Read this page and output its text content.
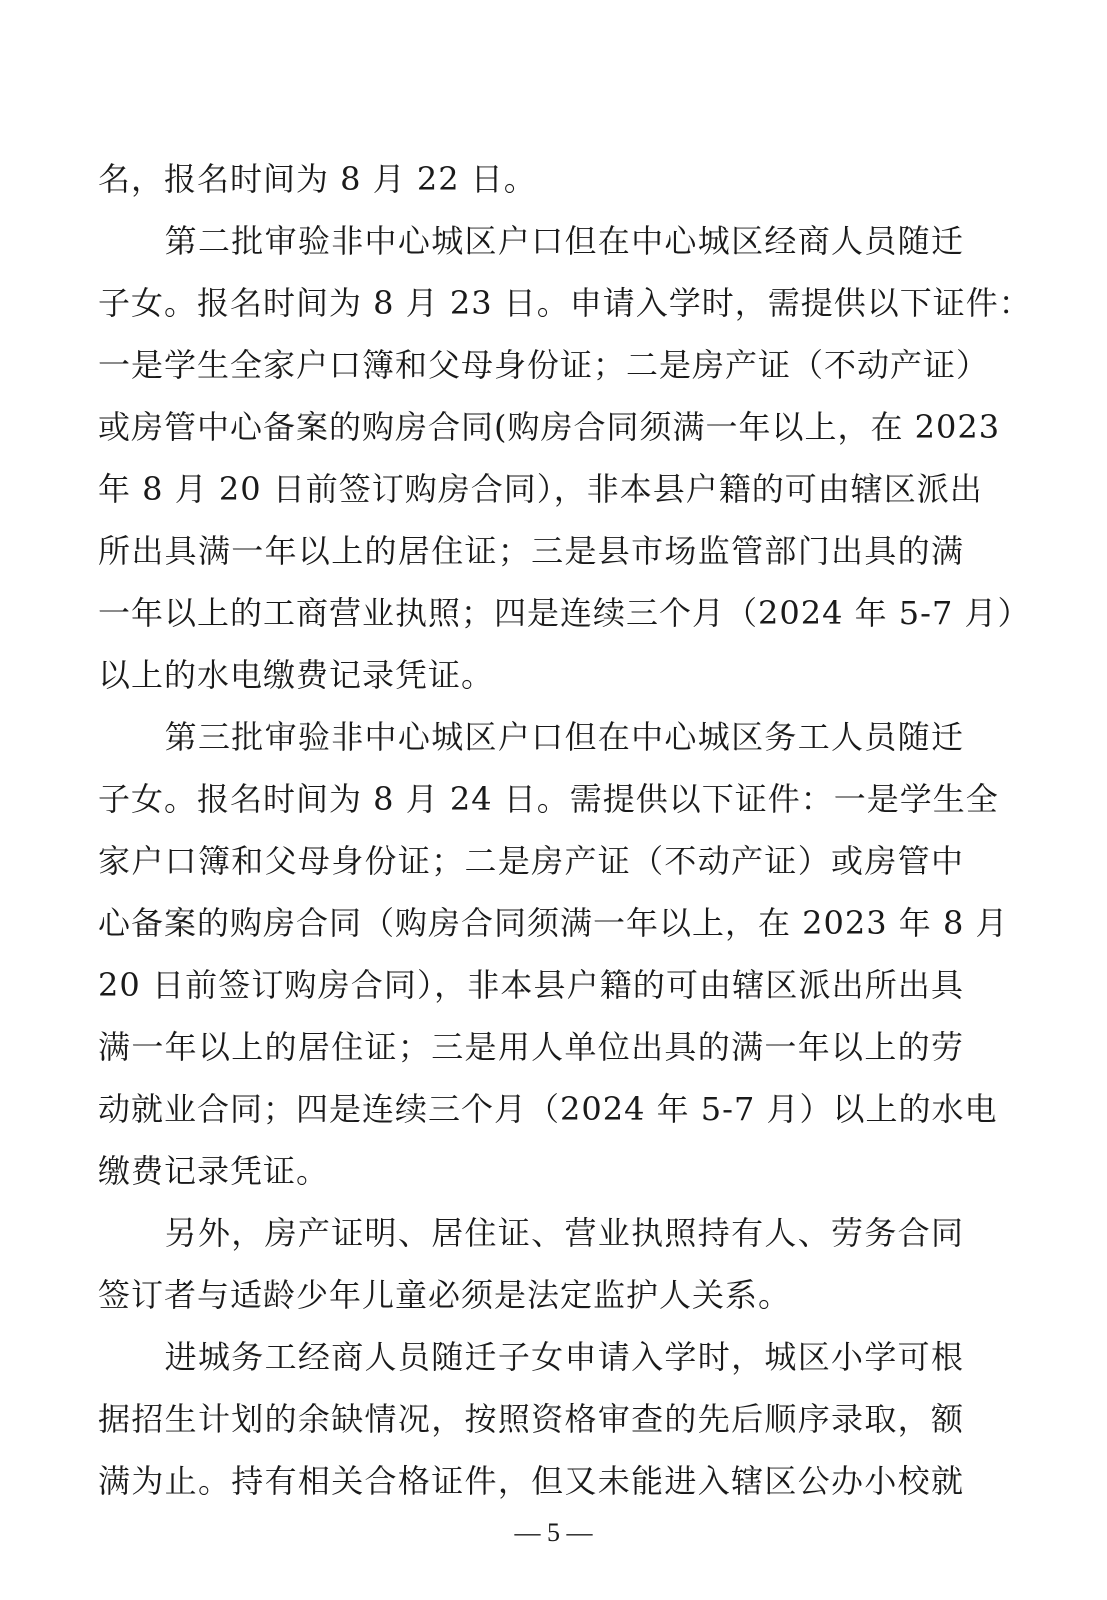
名，报名时间为 8 月 22 日。
　　第二批审验非中心城区户口但在中心城区经商人员随迁
子女。报名时间为 8 月 23 日。申请入学时，需提供以下证件：
一是学生全家户口簿和父母身份证；二是房产证（不动产证）
或房管中心备案的购房合同(购房合同须满一年以上，在 2023
年 8 月 20 日前签订购房合同），非本县户籍的可由辖区派出
所出具满一年以上的居住证；三是县市场监管部门出具的满
一年以上的工商营业执照；四是连续三个月（2024 年 5-7 月）
以上的水电缴费记录凭证。
　　第三批审验非中心城区户口但在中心城区务工人员随迁
子女。报名时间为 8 月 24 日。需提供以下证件：一是学生全
家户口簿和父母身份证；二是房产证（不动产证）或房管中
心备案的购房合同（购房合同须满一年以上，在 2023 年 8 月
20 日前签订购房合同），非本县户籍的可由辖区派出所出具
满一年以上的居住证；三是用人单位出具的满一年以上的劳
动就业合同；四是连续三个月（2024 年 5-7 月）以上的水电
缴费记录凭证。
　　另外，房产证明、居住证、营业执照持有人、劳务合同
签订者与适龄少年儿童必须是法定监护人关系。
　　进城务工经商人员随迁子女申请入学时，城区小学可根
据招生计划的余缺情况，按照资格审查的先后顺序录取，额
满为止。持有相关合格证件，但又未能进入辖区公办小校就
— 5 —
